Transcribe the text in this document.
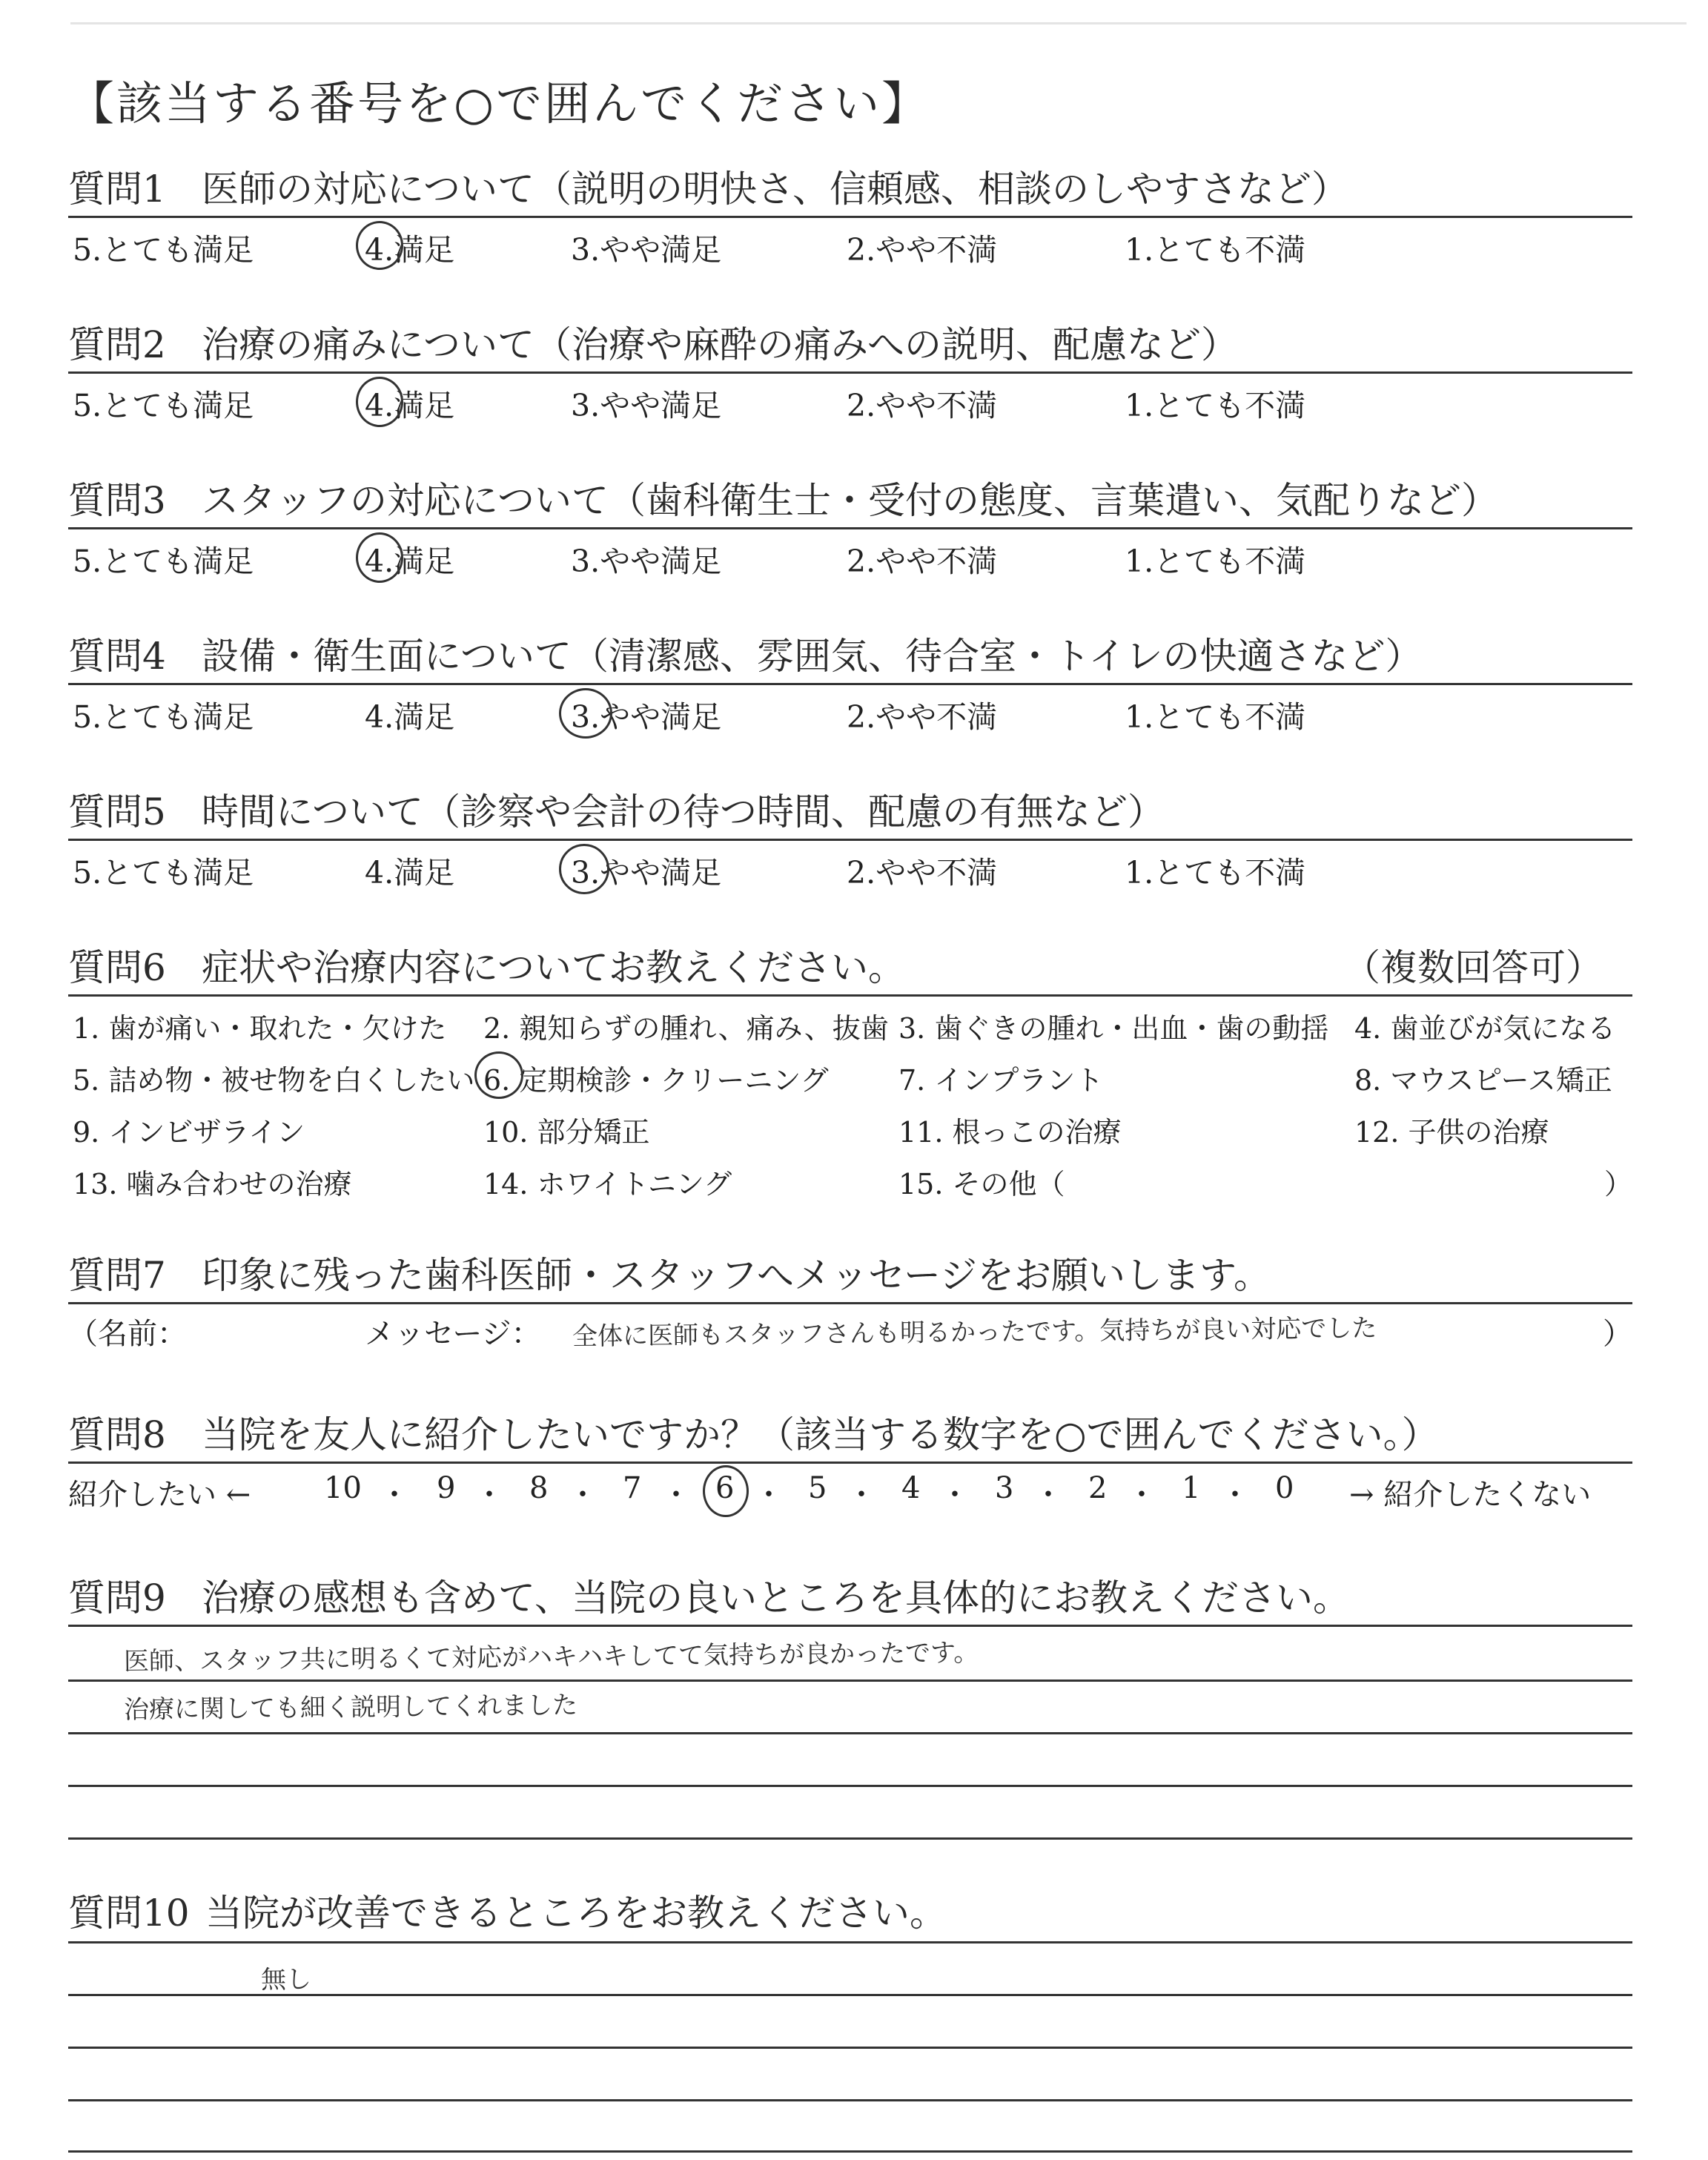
【該当する番号を○で囲んでください】
質問1 医師の対応について（説明の明快さ、信頼感、相談のしやすさなど）
5.とても満足	4.満足	3.やや満足	2.やや不満	1.とても不満
質問2 治療の痛みについて（治療や麻酔の痛みへの説明、配慮など）
5.とても満足	4.満足	3.やや満足	2.やや不満	1.とても不満
質問3 スタッフの対応について（歯科衛生士・受付の態度、言葉遣い、気配りなど）
5.とても満足	4.満足	3.やや満足	2.やや不満	1.とても不満
質問4 設備・衛生面について（清潔感、雰囲気、待合室・トイレの快適さなど）
5.とても満足	4.満足	3.やや満足	2.やや不満	1.とても不満
質問5 時間について（診察や会計の待つ時間、配慮の有無など）
5.とても満足	4.満足	3.やや満足	2.やや不満	1.とても不満
質問6 症状や治療内容についてお教えください。	（複数回答可）
1. 歯が痛い・取れた・欠けた 2. 親知らずの腫れ、痛み、抜歯 3. 歯ぐきの腫れ・出血・歯の動揺 4. 歯並びが気になる
5. 詰め物・被せ物を白くしたい 6. 定期検診・クリーニング 7. インプラント	8. マウスピース矯正
9. インビザライン	10. 部分矯正	11. 根っこの治療	12. 子供の治療
13. 噛み合わせの治療	14. ホワイトニング	15. その他（	）
質問7 印象に残った歯科医師・スタッフへメッセージをお願いします。
（名前：	メッセージ： 全体に医師もスタッフさんも明るかったです。気持ちが良い対応でした	）
質問8 当院を友人に紹介したいですか？（該当する数字を○で囲んでください。）
紹介したい ← 10 ・ 9 ・ 8 ・ 7 ・ 6 ・ 5 ・ 4 ・ 3 ・ 2 ・ 1 ・ 0 → 紹介したくない
質問9 治療の感想も含めて、当院の良いところを具体的にお教えください。
医師、スタッフ共に明るくて対応がハキハキしてて気持ちが良かったです。
治療に関しても細く説明してくれました
質問10 当院が改善できるところをお教えください。
無し
